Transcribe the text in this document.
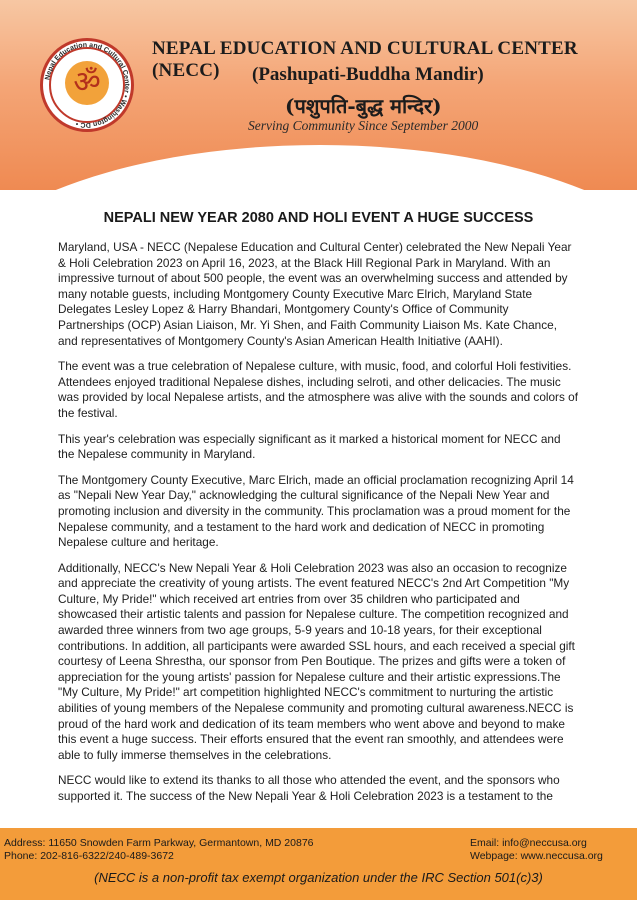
Nepal Education and Cultural Center • Washington DC •
ॐ
NEPAL EDUCATION AND CULTURAL CENTER (NECC)	(Pashupati-Buddha Mandir)
(पशुपति-बुद्ध मन्दिर)
Serving Community Since September 2000
NEPALI NEW YEAR 2080 AND HOLI EVENT A HUGE SUCCESS

Maryland, USA - NECC (Nepalese Education and Cultural Center) celebrated the New Nepali Year & Holi Celebration 2023 on April 16, 2023, at the Black Hill Regional Park in Maryland. With an impressive turnout of about 500 people, the event was an overwhelming success and attended by many notable guests, including Montgomery County Executive Marc Elrich, Maryland State Delegates Lesley Lopez & Harry Bhandari, Montgomery County's Office of Community Partnerships (OCP) Asian Liaison, Mr. Yi Shen, and Faith Community Liaison Ms. Kate Chance, and representatives of Montgomery County's Asian American Health Initiative (AAHI).

The event was a true celebration of Nepalese culture, with music, food, and colorful Holi festivities. Attendees enjoyed traditional Nepalese dishes, including selroti, and other delicacies. The music was provided by local Nepalese artists, and the atmosphere was alive with the sounds and colors of the festival.

This year's celebration was especially significant as it marked a historical moment for NECC and the Nepalese community in Maryland.

The Montgomery County Executive, Marc Elrich, made an official proclamation recognizing April 14 as "Nepali New Year Day," acknowledging the cultural significance of the Nepali New Year and promoting inclusion and diversity in the community. This proclamation was a proud moment for the Nepalese community, and a testament to the hard work and dedication of NECC in promoting Nepalese culture and heritage.

Additionally, NECC's New Nepali Year & Holi Celebration 2023 was also an occasion to recognize and appreciate the creativity of young artists. The event featured NECC's 2nd Art Competition "My Culture, My Pride!" which received art entries from over 35 children who participated and showcased their artistic talents and passion for Nepalese culture. The competition recognized and awarded three winners from two age groups, 5-9 years and 10-18 years, for their exceptional contributions. In addition, all participants were awarded SSL hours, and each received a special gift courtesy of Leena Shrestha, our sponsor from Pen Boutique. The prizes and gifts were a token of appreciation for the young artists' passion for Nepalese culture and their artistic expressions.The "My Culture, My Pride!" art competition highlighted NECC's commitment to nurturing the artistic abilities of young members of the Nepalese community and promoting cultural awareness.NECC is proud of the hard work and dedication of its team members who went above and beyond to make this event a huge success. Their efforts ensured that the event ran smoothly, and attendees were able to fully immerse themselves in the celebrations.

NECC would like to extend its thanks to all those who attended the event, and the sponsors who supported it. The success of the New Nepali Year & Holi Celebration 2023 is a testament to the

Address: 11650 Snowden Farm Parkway, Germantown, MD 20876
Phone: 202-816-6322/240-489-3672
Email: info@neccusa.org
Webpage: www.neccusa.org
(NECC is a non-profit tax exempt organization under the IRC Section 501(c)3)
